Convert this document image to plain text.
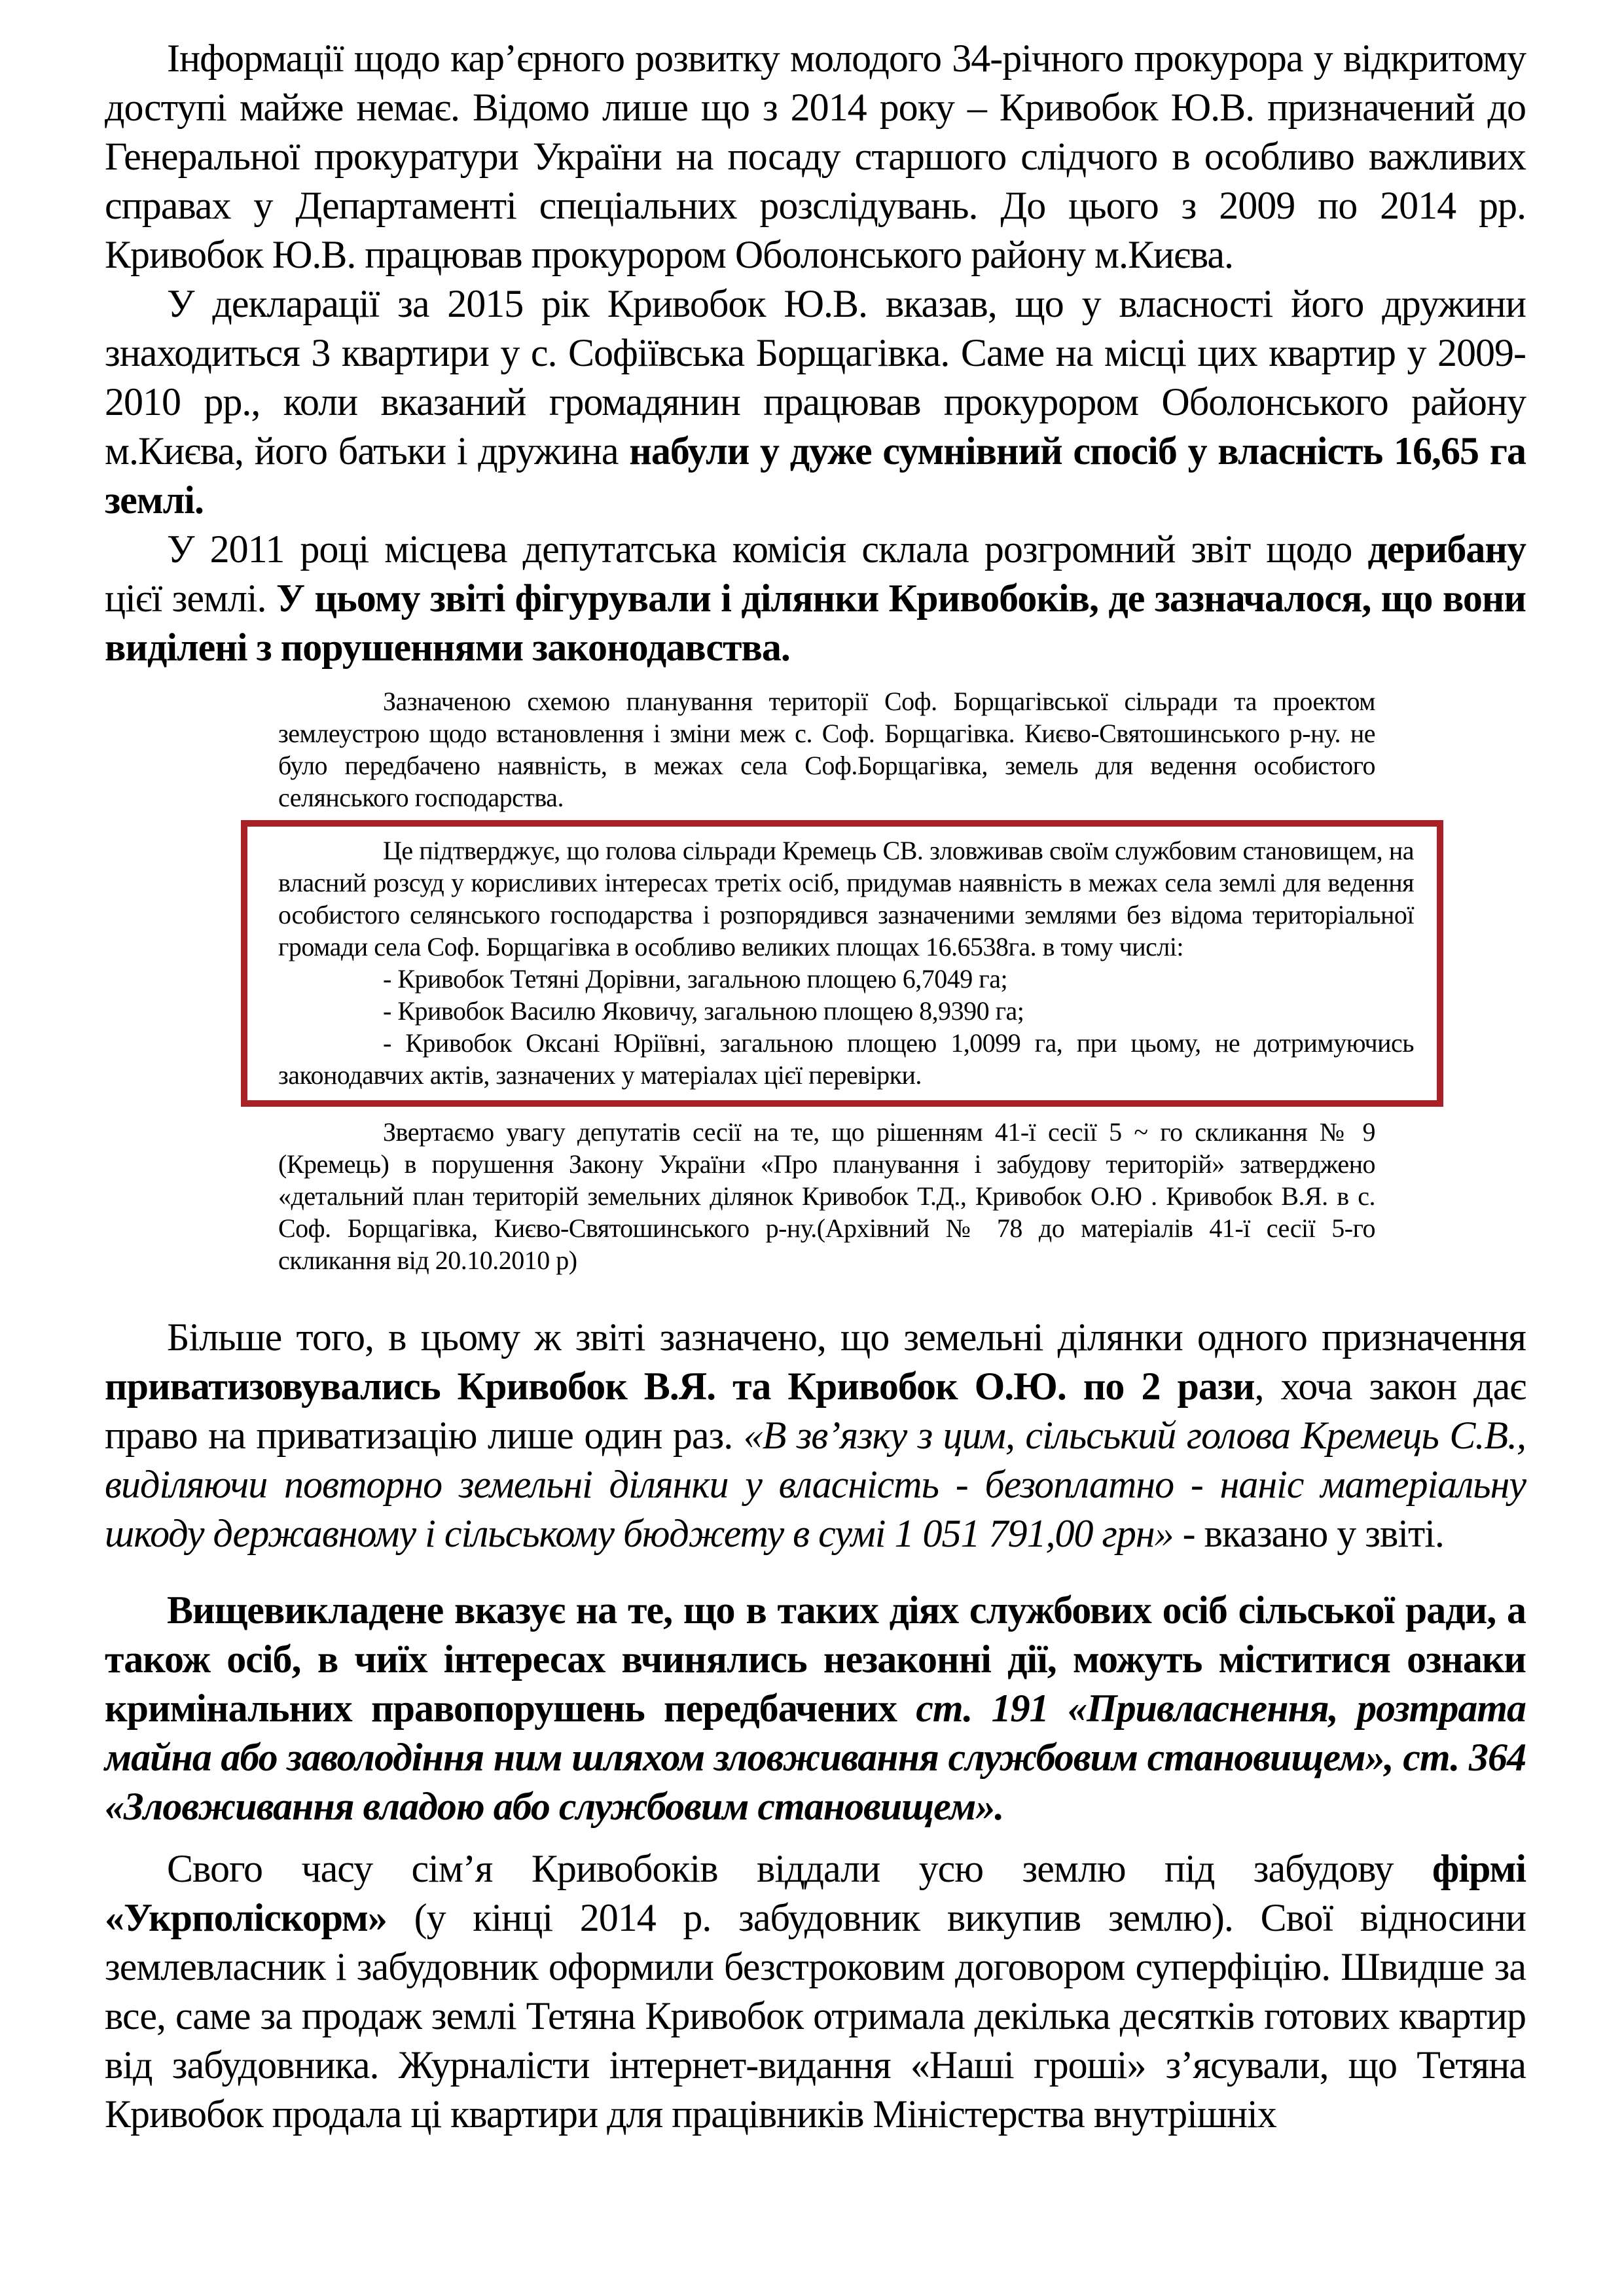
Інформації щодо кар’єрного розвитку молодого 34-річного прокурора у відкритому доступі майже немає. Відомо лише що з 2014 року – Кривобок Ю.В. призначений до Генеральної прокуратури України на посаду старшого слідчого в особливо важливих справах у Департаменті спеціальних розслідувань. До цього з 2009 по 2014 рр. Кривобок Ю.В. працював прокурором Оболонського району м.Києва.

У декларації за 2015 рік Кривобок Ю.В. вказав, що у власності його дружини знаходиться 3 квартири у с. Софіївська Борщагівка. Саме на місці цих квартир у 2009-2010 рр., коли вказаний громадянин працював прокурором Оболонського району м.Києва, його батьки і дружина набули у дуже сумнівний спосіб у власність 16,65 га землі.

У 2011 році місцева депутатська комісія склала розгромний звіт щодо дерибану цієї землі. У цьому звіті фігурували і ділянки Кривобоків, де зазначалося, що вони виділені з порушеннями законодавства.

Зазначеною схемою планування території Соф. Борщагівської сільради та проектом землеустрою щодо встановлення і зміни меж с. Соф. Борщагівка. Києво-Святошинського р-ну. не було передбачено наявність, в межах села Соф.Борщагівка, земель для ведення особистого селянського господарства.

Це підтверджує, що голова сільради Кремець СВ. зловживав своїм службовим становищем, на власний розсуд у корисливих інтересах третіх осіб, придумав наявність в межах села землі для ведення особистого селянського господарства і розпорядився зазначеними землями без відома територіальної громади села Соф. Борщагівка в особливо великих площах 16.6538га. в тому числі:

- Кривобок Тетяні Дорівни, загальною площею 6,7049 га;

- Кривобок Василю Яковичу, загальною площею 8,9390 га;

- Кривобок Оксані Юріївні, загальною площею 1,0099 га, при цьому, не дотримуючись законодавчих актів, зазначених у матеріалах цієї перевірки.

Звертаємо увагу депутатів сесії на те, що рішенням 41-ї сесії 5 ~ го скликання № 9 (Кремець) в порушення Закону України «Про планування і забудову територій» затверджено «детальний план територій земельних ділянок Кривобок Т.Д., Кривобок О.Ю . Кривобок В.Я. в с. Соф. Борщагівка, Києво-Святошинського р-ну.(Архівний № 78 до матеріалів 41-ї сесії 5-го скликання від 20.10.2010 р)

Більше того, в цьому ж звіті зазначено, що земельні ділянки одного призначення приватизовувались Кривобок В.Я. та Кривобок О.Ю. по 2 рази, хоча закон дає право на приватизацію лише один раз. «В зв’язку з цим, сільський голова Кремець С.В., виділяючи повторно земельні ділянки у власність - безоплатно - наніс матеріальну шкоду державному і сільському бюджету в сумі 1 051 791,00 грн» - вказано у звіті.

Вищевикладене вказує на те, що в таких діях службових осіб сільської ради, а також осіб, в чиїх інтересах вчинялись незаконні дії, можуть міститися ознаки кримінальних правопорушень передбачених ст. 191 «Привласнення, розтрата майна або заволодіння ним шляхом зловживання службовим становищем», ст. 364 «Зловживання владою або службовим становищем».

Свого часу сім’я Кривобоків віддали усю землю під забудову фірмі «Укрполіскорм» (у кінці 2014 р. забудовник викупив землю). Свої відносини землевласник і забудовник оформили безстроковим договором суперфіцію. Швидше за все, саме за продаж землі Тетяна Кривобок отримала декілька десятків готових квартир від забудовника. Журналісти інтернет-видання «Наші гроші» з’ясували, що Тетяна Кривобок продала ці квартири для працівників Міністерства внутрішніх
